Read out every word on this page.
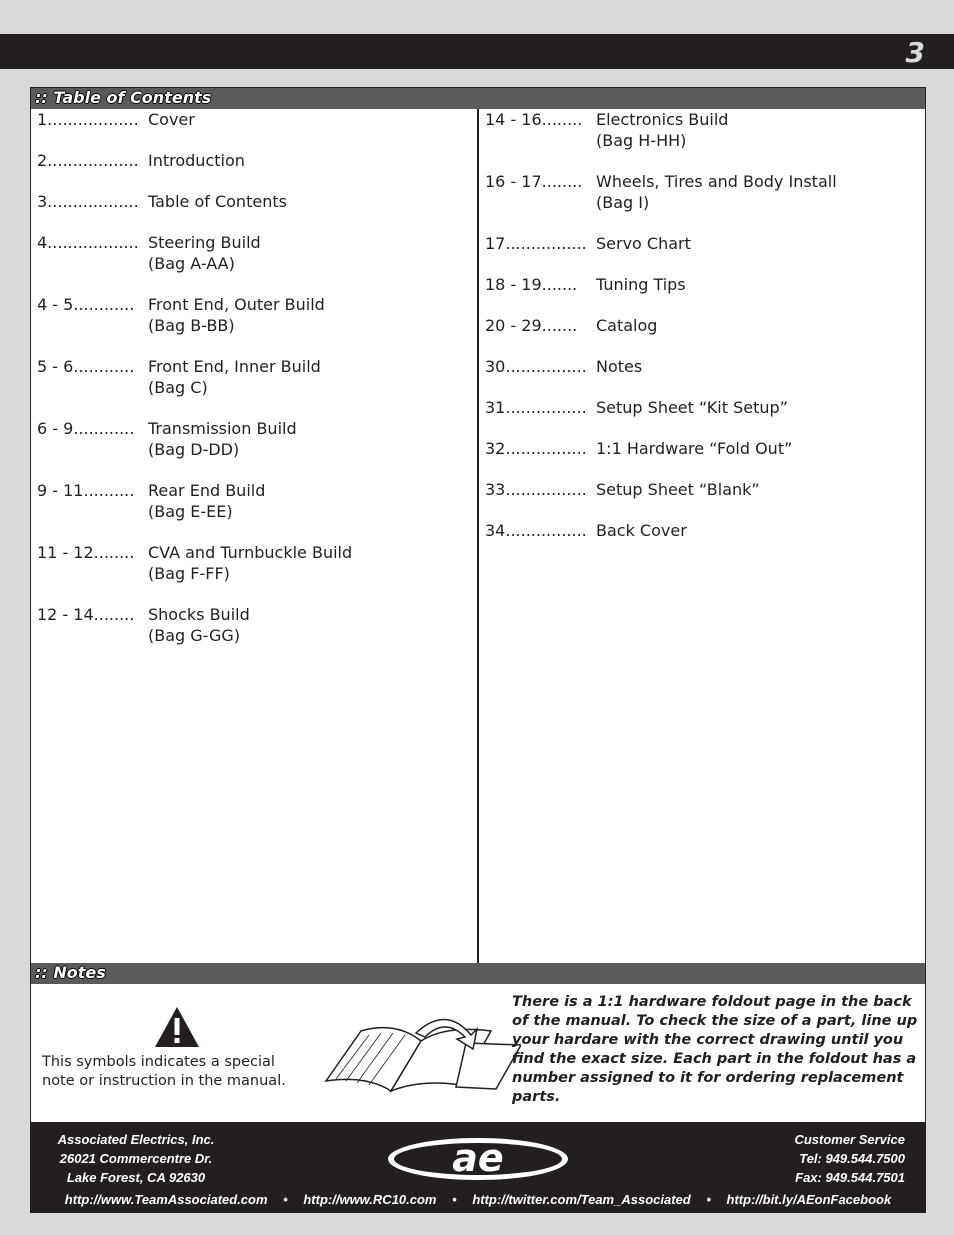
3
:: Table of Contents
1.................. Cover
2.................. Introduction
3.................. Table of Contents
4.................. Steering Build
(Bag A-AA)
4 - 5............ Front End, Outer Build
(Bag B-BB)
5 - 6............ Front End, Inner Build
(Bag C)
6 - 9............ Transmission Build
(Bag D-DD)
9 - 11.......... Rear End Build
(Bag E-EE)
11 - 12........ CVA and Turnbuckle Build
(Bag F-FF)
12 - 14........ Shocks Build
(Bag G-GG)
14 - 16........ Electronics Build
(Bag H-HH)
16 - 17........ Wheels, Tires and Body Install
(Bag I)
17................ Servo Chart
18 - 19....... Tuning Tips
20 - 29....... Catalog
30................ Notes
31................ Setup Sheet “Kit Setup”
32................ 1:1 Hardware “Fold Out”
33................ Setup Sheet “Blank”
34................ Back Cover
:: Notes
This symbols indicates a special note or instruction in the manual.
There is a 1:1 hardware foldout page in the back of the manual. To check the size of a part, line up your hardare with the correct drawing until you find the exact size. Each part in the foldout has a number assigned to it for ordering replacement parts.
Associated Electrics, Inc.
26021 Commercentre Dr.
Lake Forest, CA 92630	ae	Customer Service
Tel: 949.544.7500
Fax: 949.544.7501
http://www.TeamAssociated.com • http://www.RC10.com • http://twitter.com/Team_Associated • http://bit.ly/AEonFacebook
